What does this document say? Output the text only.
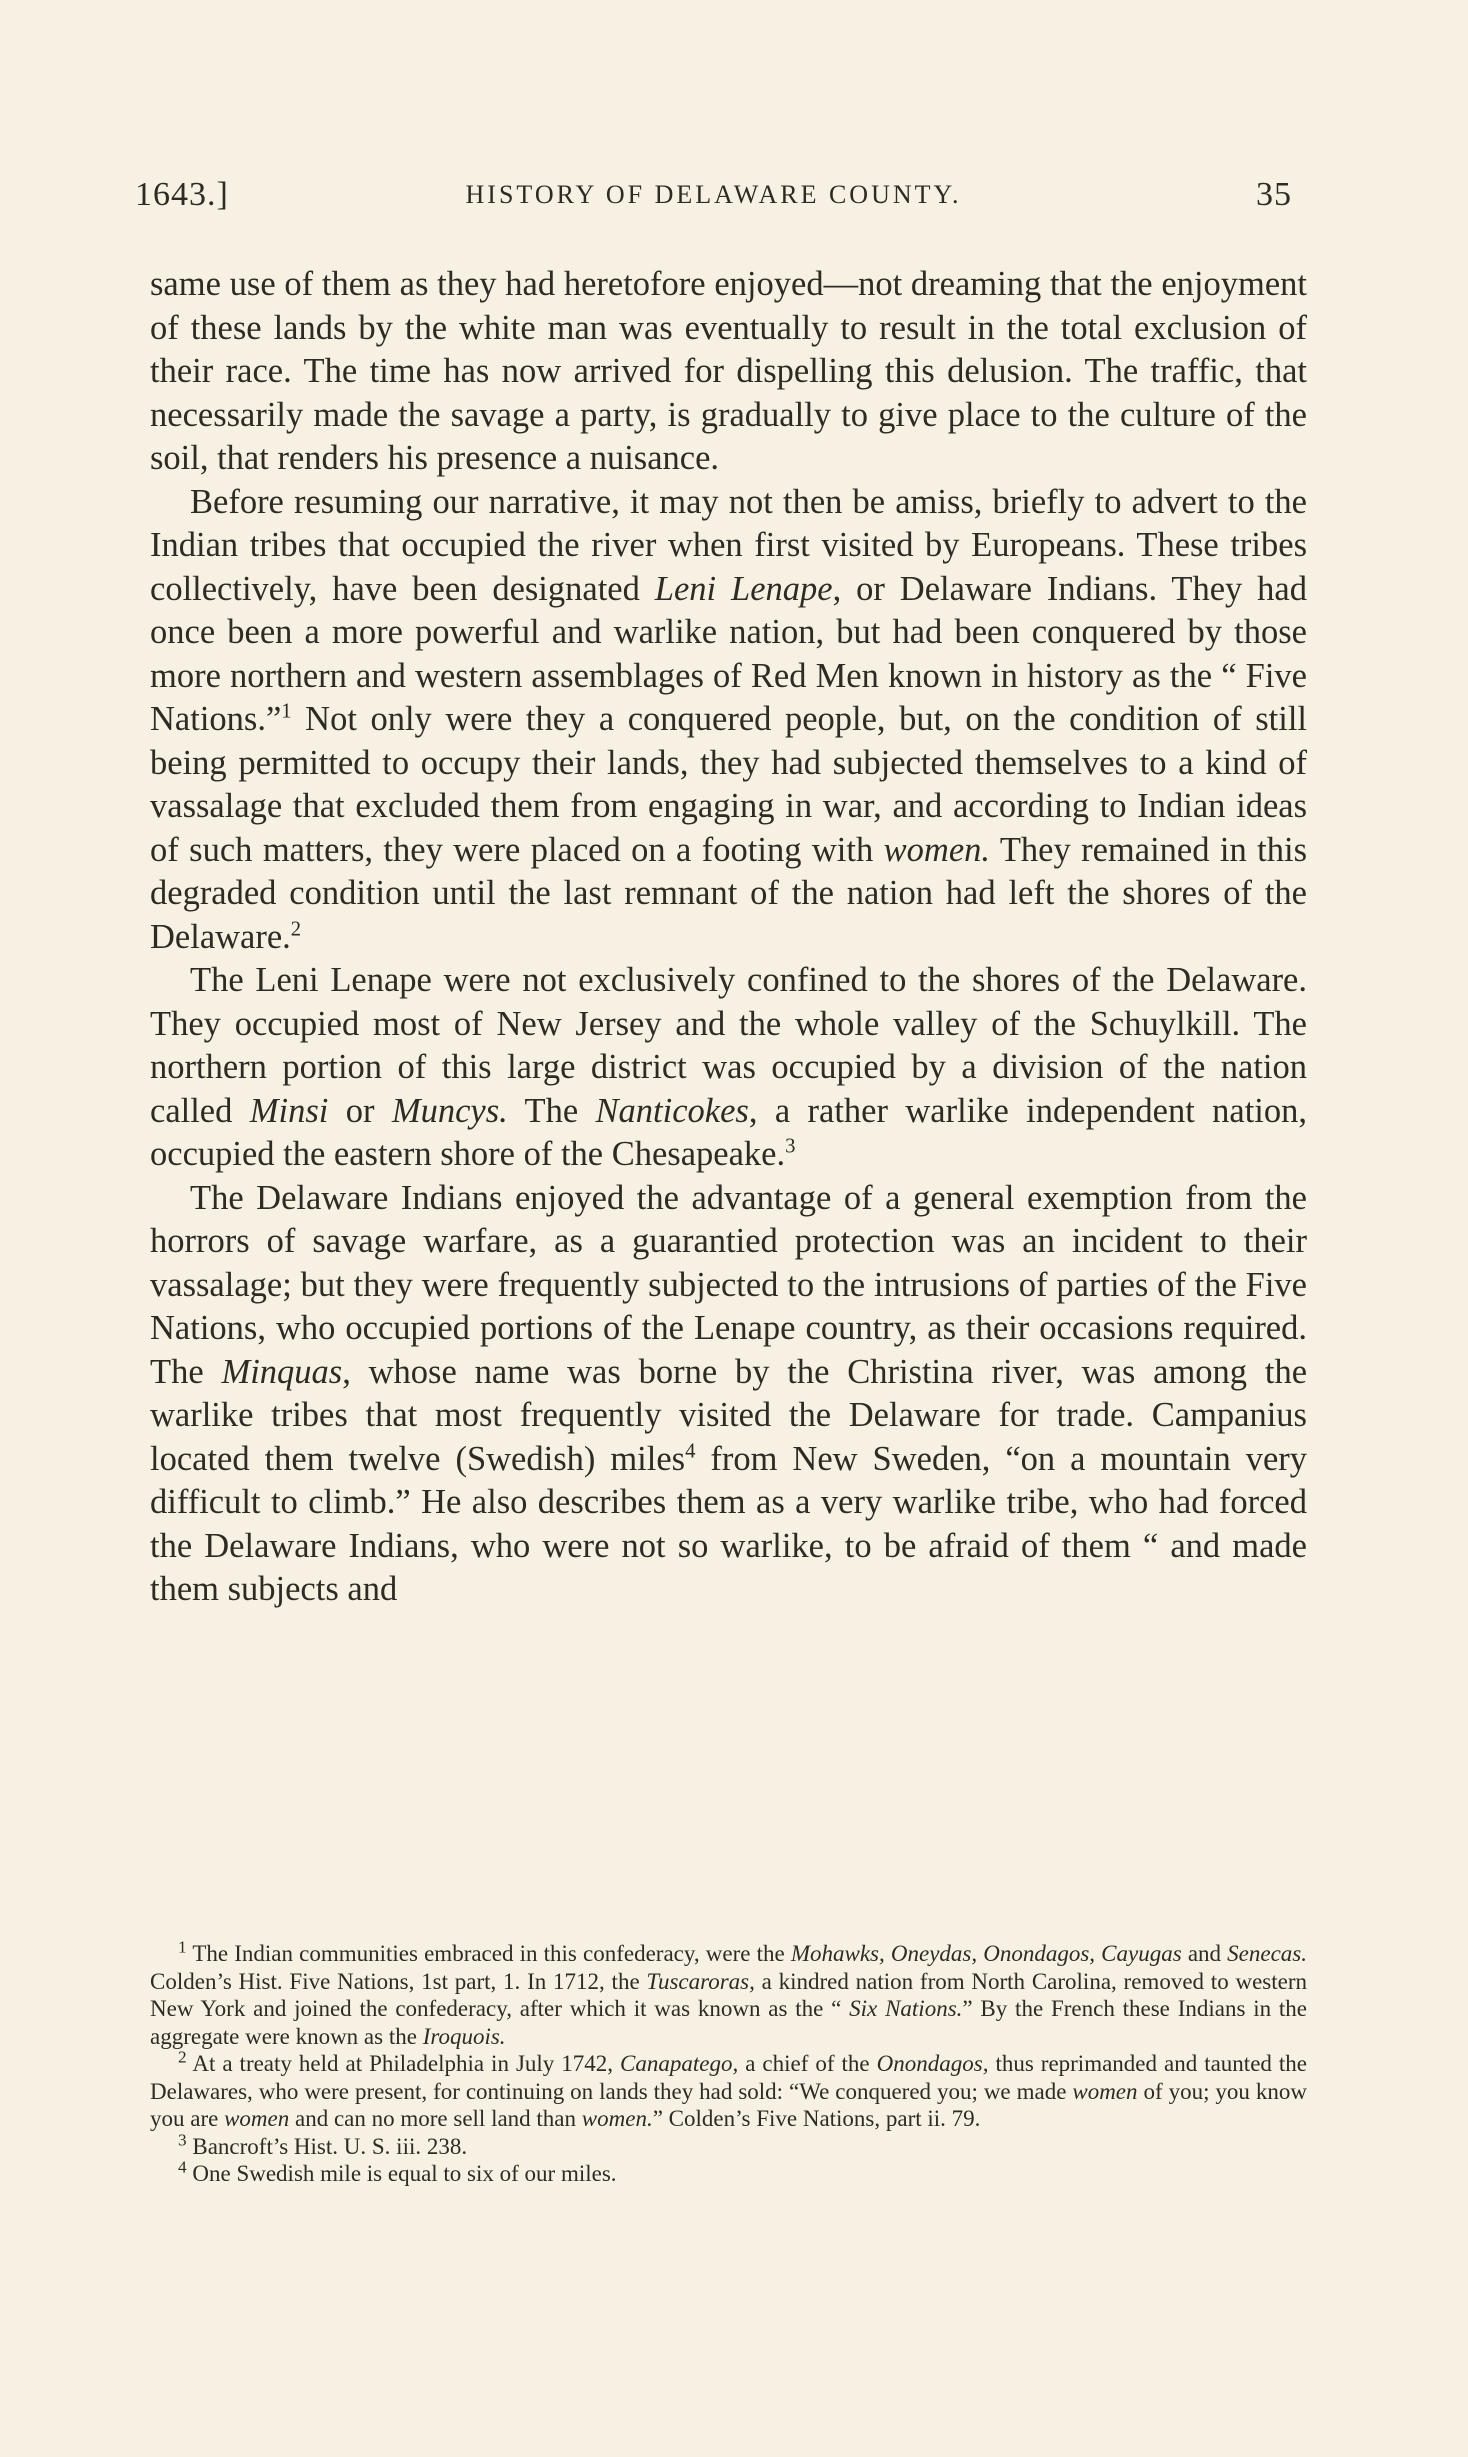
1643.]	HISTORY OF DELAWARE COUNTY.	35

same use of them as they had heretofore enjoyed—not dreaming that the enjoyment of these lands by the white man was eventually to result in the total exclusion of their race. The time has now arrived for dispelling this delusion. The traffic, that necessarily made the savage a party, is gradually to give place to the culture of the soil, that renders his presence a nuisance.

Before resuming our narrative, it may not then be amiss, briefly to advert to the Indian tribes that occupied the river when first visited by Europeans. These tribes collectively, have been designated Leni Lenape, or Delaware Indians. They had once been a more powerful and warlike nation, but had been conquered by those more northern and western assemblages of Red Men known in history as the “ Five Nations.”$^1$ Not only were they a conquered people, but, on the condition of still being permitted to occupy their lands, they had subjected themselves to a kind of vassalage that excluded them from engaging in war, and according to Indian ideas of such matters, they were placed on a footing with women. They remained in this degraded condition until the last remnant of the nation had left the shores of the Delaware.$^2$

The Leni Lenape were not exclusively confined to the shores of the Delaware. They occupied most of New Jersey and the whole valley of the Schuylkill. The northern portion of this large district was occupied by a division of the nation called Minsi or Muncys. The Nanticokes, a rather warlike independent nation, occupied the eastern shore of the Chesapeake.$^3$

The Delaware Indians enjoyed the advantage of a general exemption from the horrors of savage warfare, as a guarantied protection was an incident to their vassalage; but they were frequently subjected to the intrusions of parties of the Five Nations, who occupied portions of the Lenape country, as their occasions required. The Minquas, whose name was borne by the Christina river, was among the warlike tribes that most frequently visited the Delaware for trade. Campanius located them twelve (Swedish) miles$^4$ from New Sweden, “on a mountain very difficult to climb.” He also describes them as a very warlike tribe, who had forced the Delaware Indians, who were not so warlike, to be afraid of them “ and made them subjects and

$^1$ The Indian communities embraced in this confederacy, were the Mohawks, Oneydas, Onondagos, Cayugas and Senecas. Colden’s Hist. Five Nations, 1st part, 1. In 1712, the Tuscaroras, a kindred nation from North Carolina, removed to western New York and joined the confederacy, after which it was known as the “ Six Nations.” By the French these Indians in the aggregate were known as the Iroquois.

$^2$ At a treaty held at Philadelphia in July 1742, Canapatego, a chief of the Onondagos, thus reprimanded and taunted the Delawares, who were present, for continuing on lands they had sold: “We conquered you; we made women of you; you know you are women and can no more sell land than women.” Colden’s Five Nations, part ii. 79.

$^3$ Bancroft’s Hist. U. S. iii. 238.

$^4$ One Swedish mile is equal to six of our miles.
